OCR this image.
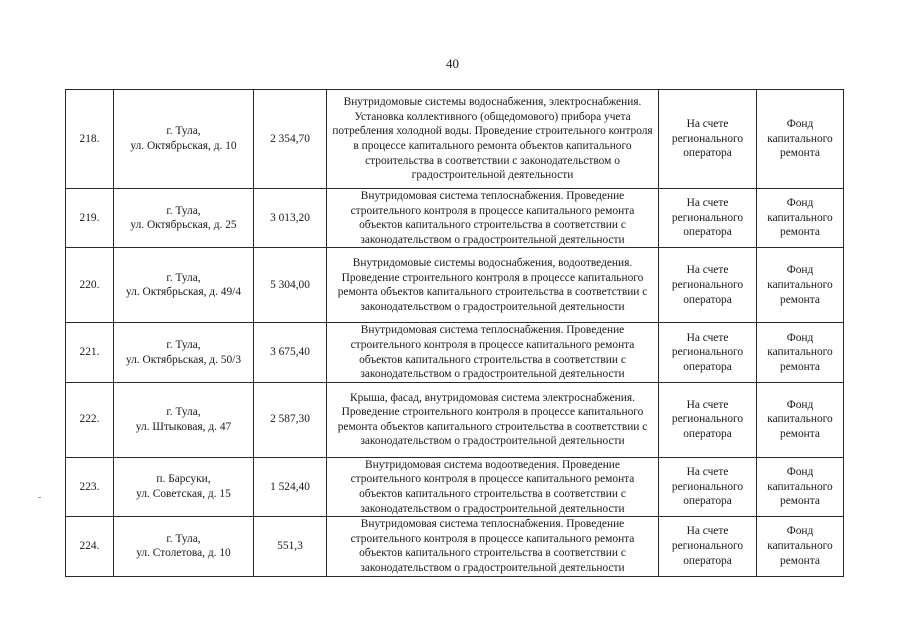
40
218.	г. Тула,
ул. Октябрьская, д. 10	2 354,70	Внутридомовые системы водоснабжения, электроснабжения. Установка коллективного (общедомового) прибора учета потребления холодной воды. Проведение строительного контроля в процессе капитального ремонта объектов капитального строительства в соответствии с законодательством о градостроительной деятельности	На счете регионального оператора	Фонд капитального ремонта
219.	г. Тула,
ул. Октябрьская, д. 25	3 013,20	Внутридомовая система теплоснабжения. Проведение строительного контроля в процессе капитального ремонта объектов капитального строительства в соответствии с законодательством о градостроительной деятельности	На счете регионального оператора	Фонд капитального ремонта
220.	г. Тула,
ул. Октябрьская, д. 49/4	5 304,00	Внутридомовые системы водоснабжения, водоотведения. Проведение строительного контроля в процессе капитального ремонта объектов капитального строительства в соответствии с законодательством о градостроительной деятельности	На счете регионального оператора	Фонд капитального ремонта
221.	г. Тула,
ул. Октябрьская, д. 50/3	3 675,40	Внутридомовая система теплоснабжения. Проведение строительного контроля в процессе капитального ремонта объектов капитального строительства в соответствии с законодательством о градостроительной деятельности	На счете регионального оператора	Фонд капитального ремонта
222.	г. Тула,
ул. Штыковая, д. 47	2 587,30	Крыша, фасад, внутридомовая система электроснабжения. Проведение строительного контроля в процессе капитального ремонта объектов капитального строительства в соответствии с законодательством о градостроительной деятельности	На счете регионального оператора	Фонд капитального ремонта
223.	п. Барсуки,
ул. Советская, д. 15	1 524,40	Внутридомовая система водоотведения. Проведение строительного контроля в процессе капитального ремонта объектов капитального строительства в соответствии с законодательством о градостроительной деятельности	На счете регионального оператора	Фонд капитального ремонта
224.	г. Тула,
ул. Столетова, д. 10	551,3	Внутридомовая система теплоснабжения. Проведение строительного контроля в процессе капитального ремонта объектов капитального строительства в соответствии с законодательством о градостроительной деятельности	На счете регионального оператора	Фонд капитального ремонта
